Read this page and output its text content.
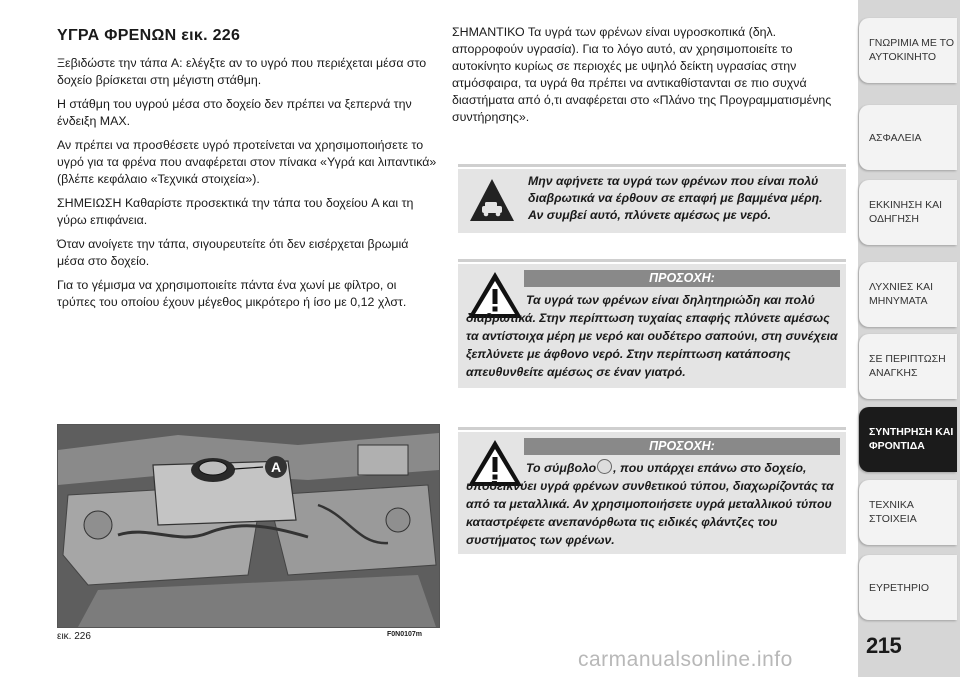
ΥΓΡΑ ΦΡΕΝΩΝ εικ. 226

Ξεβιδώστε την τάπα A: ελέγξτε αν το υγρό που περιέχεται μέσα στο δοχείο βρίσκεται στη μέγιστη στάθμη.

Η στάθμη του υγρού μέσα στο δοχείο δεν πρέπει να ξεπερνά την ένδειξη MAX.

Αν πρέπει να προσθέσετε υγρό προτείνεται να χρησιμοποιήσετε το υγρό για τα φρένα που αναφέρεται στον πίνακα «Υγρά και λιπαντικά» (βλέπε κεφάλαιο «Τεχνικά στοιχεία»).

ΣΗΜΕΙΩΣΗ Καθαρίστε προσεκτικά την τάπα του δοχείου A και τη γύρω επιφάνεια.

Όταν ανοίγετε την τάπα, σιγουρευτείτε ότι δεν εισέρχεται βρωμιά μέσα στο δοχείο.

Για το γέμισμα να χρησιμοποιείτε πάντα ένα χωνί με φίλτρο, οι τρύπες του οποίου έχουν μέγεθος μικρότερο ή ίσο με 0,12 χλστ.

ΣΗΜΑΝΤΙΚΟ Τα υγρά των φρένων είναι υγροσκοπικά (δηλ. απορροφούν υγρασία). Για το λόγο αυτό, αν χρησιμοποιείτε το αυτοκίνητο κυρίως σε περιοχές με υψηλό δείκτη υγρασίας στην ατμόσφαιρα, τα υγρά θα πρέπει να αντικαθίστανται σε πιο συχνά διαστήματα από ό,τι αναφέρεται στο «Πλάνο της Προγραμματισμένης συντήρησης».

Μην αφήνετε τα υγρά των φρένων που είναι πολύ διαβρωτικά να έρθουν σε επαφή με βαμμένα μέρη. Αν συμβεί αυτό, πλύνετε αμέσως με νερό.
ΠΡΟΣΟΧΗ:
Τα υγρά των φρένων είναι δηλητηριώδη και πολύ διαβρωτικά. Στην περίπτωση τυχαίας επαφής πλύνετε αμέσως τα αντίστοιχα μέρη με νερό και ουδέτερο σαπούνι, στη συνέχεια ξεπλύνετε με άφθονο νερό. Στην περίπτωση κατάποσης απευθυνθείτε αμέσως σε έναν γιατρό.
ΠΡΟΣΟΧΗ:
Το σύμβολο , που υπάρχει επάνω στο δοχείο, υποδεικνύει υγρά φρένων συνθετικού τύπου, διαχωρίζοντάς τα από τα μεταλλικά. Αν χρησιμοποιήσετε υγρά μεταλλικού τύπου καταστρέφετε ανεπανόρθωτα τις ειδικές φλάντζες του συστήματος των φρένων.
A
εικ. 226	F0N0107m
ΓΝΩΡΙΜΙΑ ΜΕ ΤΟ ΑΥΤΟΚΙΝΗΤΟ
ΑΣΦΑΛΕΙΑ
ΕΚΚΙΝΗΣΗ ΚΑΙ ΟΔΗΓΗΣΗ
ΛΥΧΝΙΕΣ ΚΑΙ ΜΗΝΥΜΑΤΑ
ΣΕ ΠΕΡΙΠΤΩΣΗ ΑΝΑΓΚΗΣ
ΣΥΝΤΗΡΗΣΗ ΚΑΙ ΦΡΟΝΤΙΔΑ
ΤΕΧΝΙΚΑ ΣΤΟΙΧΕΙΑ
ΕΥΡΕΤΗΡΙΟ
215
carmanualsonline.info
